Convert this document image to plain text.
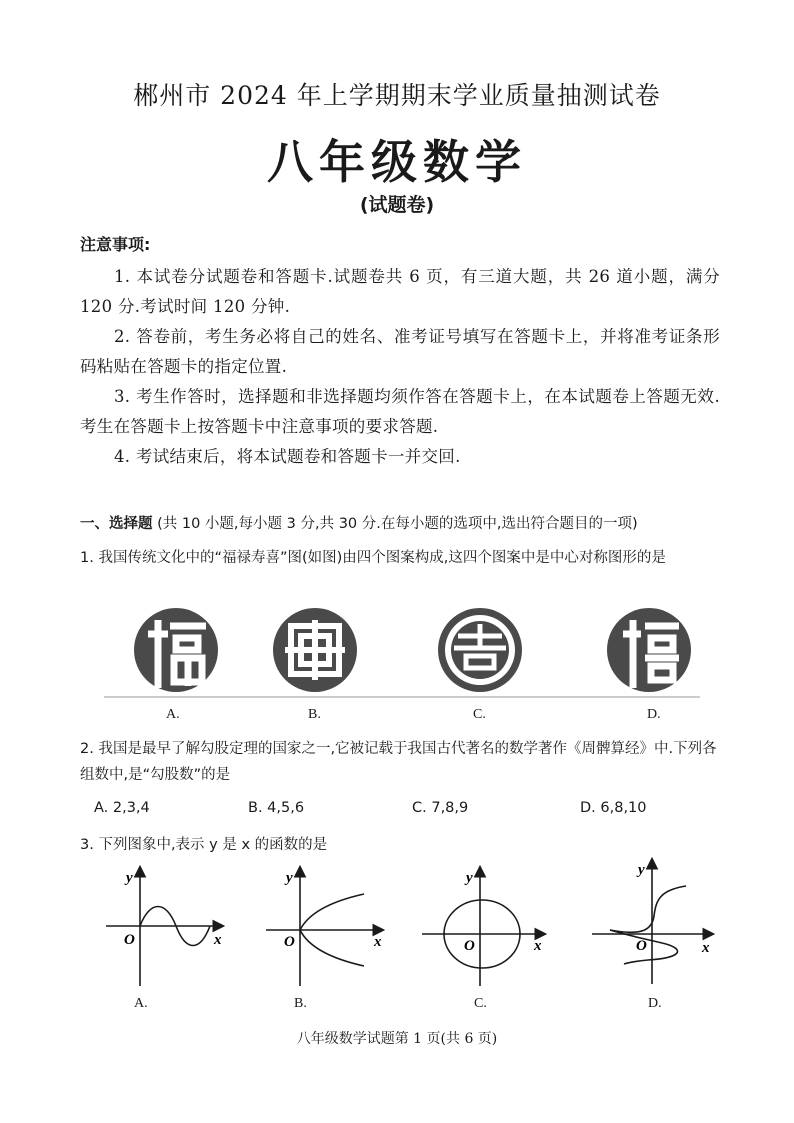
郴州市 2024 年上学期期末学业质量抽测试卷
八年级数学
(试题卷)
注意事项:

1. 本试卷分试题卷和答题卡.试题卷共 6 页，有三道大题，共 26 道小题，满分 120 分.考试时间 120 分钟.

2. 答卷前，考生务必将自己的姓名、准考证号填写在答题卡上，并将准考证条形码粘贴在答题卡的指定位置.

3. 考生作答时，选择题和非选择题均须作答在答题卡上，在本试题卷上答题无效.考生在答题卡上按答题卡中注意事项的要求答题.

4. 考试结束后，将本试题卷和答题卡一并交回.

一、选择题 (共 10 小题,每小题 3 分,共 30 分.在每小题的选项中,选出符合题目的一项)
1. 我国传统文化中的“福禄寿喜”图(如图)由四个图案构成,这四个图案中是中心对称图形的是
A.	B.	C.	D.
2. 我国是最早了解勾股定理的国家之一,它被记载于我国古代著名的数学著作《周髀算经》中.下列各组数中,是“勾股数”的是
A. 2,3,4	B. 4,5,6	C. 7,8,9	D. 6,8,10
3. 下列图象中,表示 y 是 x 的函数的是
y
x
O
y
x
O
y
x
O
y
x
O
A.	B.	C.	D.
八年级数学试题第 1 页(共 6 页)
